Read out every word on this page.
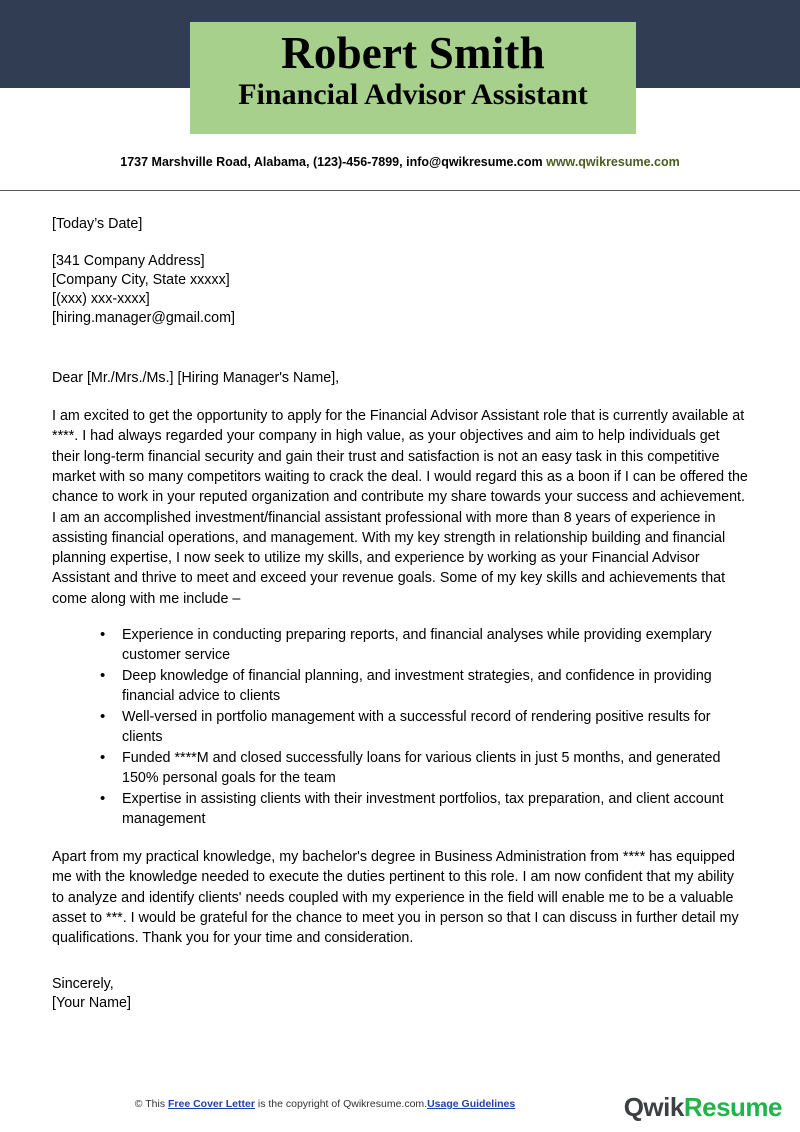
Robert Smith
Financial Advisor Assistant
1737 Marshville Road, Alabama, (123)-456-7899, info@qwikresume.com www.qwikresume.com
[Today’s Date]
[341 Company Address]
[Company City, State xxxxx]
[(xxx) xxx-xxxx]
[hiring.manager@gmail.com]
Dear [Mr./Mrs./Ms.] [Hiring Manager's Name],

I am excited to get the opportunity to apply for the Financial Advisor Assistant role that is currently available at ****. I had always regarded your company in high value, as your objectives and aim to help individuals get their long-term financial security and gain their trust and satisfaction is not an easy task in this competitive market with so many competitors waiting to crack the deal. I would regard this as a boon if I can be offered the chance to work in your reputed organization and contribute my share towards your success and achievement. I am an accomplished investment/financial assistant professional with more than 8 years of experience in assisting financial operations, and management. With my key strength in relationship building and financial planning expertise, I now seek to utilize my skills, and experience by working as your Financial Advisor Assistant and thrive to meet and exceed your revenue goals. Some of my key skills and achievements that come along with me include –

• Experience in conducting preparing reports, and financial analyses while providing exemplary customer service
• Deep knowledge of financial planning, and investment strategies, and confidence in providing financial advice to clients
• Well-versed in portfolio management with a successful record of rendering positive results for clients
• Funded ****M and closed successfully loans for various clients in just 5 months, and generated 150% personal goals for the team
• Expertise in assisting clients with their investment portfolios, tax preparation, and client account management

Apart from my practical knowledge, my bachelor's degree in Business Administration from **** has equipped me with the knowledge needed to execute the duties pertinent to this role. I am now confident that my ability to analyze and identify clients' needs coupled with my experience in the field will enable me to be a valuable asset to ***. I would be grateful for the chance to meet you in person so that I can discuss in further detail my qualifications. Thank you for your time and consideration.

Sincerely,
[Your Name]
© This Free Cover Letter is the copyright of Qwikresume.com.Usage Guidelines	QwikResume
